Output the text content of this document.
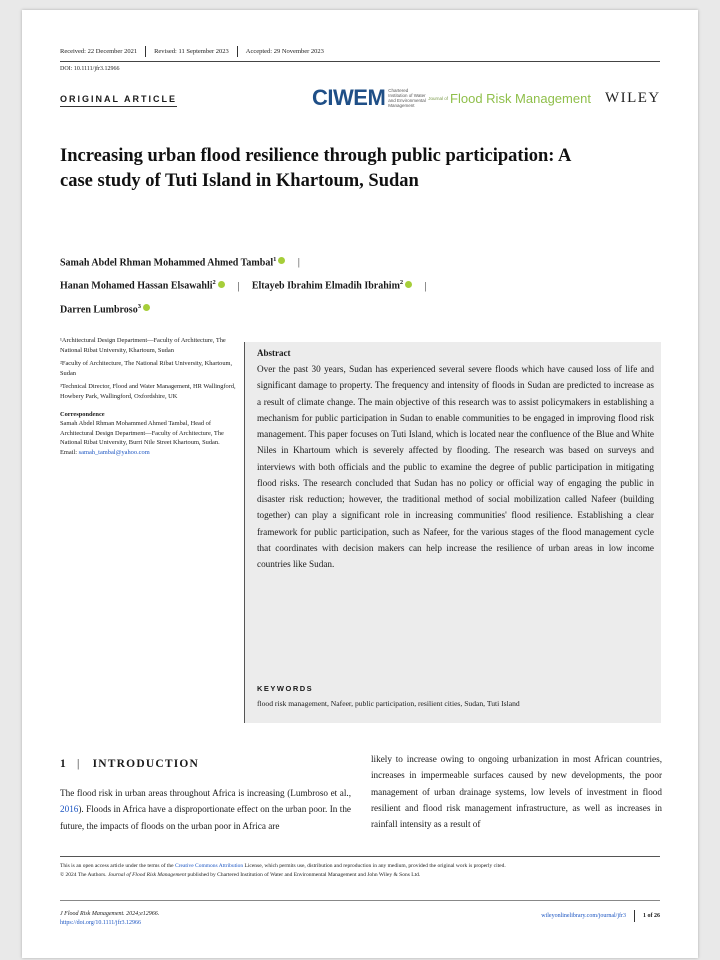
Received: 22 December 2021	Revised: 11 September 2023	Accepted: 29 November 2023
DOI: 10.1111/jfr3.12966
ORIGINAL ARTICLE	CIWEM Chartered Institution of Water and Environmental Management
Journal of Flood Risk Management WILEY
Increasing urban flood resilience through public participation: A case study of Tuti Island in Khartoum, Sudan
Samah Abdel Rhman Mohammed Ahmed Tambal$^1$ |
Hanan Mohamed Hassan Elsawahli$^2$ | Eltayeb Ibrahim Elmadih Ibrahim$^2$ |
Darren Lumbroso$^3$

¹Architectural Design Department—Faculty of Architecture, The National Ribat University, Khartoum, Sudan

²Faculty of Architecture, The National Ribat University, Khartoum, Sudan

³Technical Director, Flood and Water Management, HR Wallingford, Howbery Park, Wallingford, Oxfordshire, UK

Correspondence
Samah Abdel Rhman Mohammed Ahmed Tambal, Head of Architectural Design Department—Faculty of Architecture, The National Ribat University, Burri Nile Street Khartoum, Sudan.
Email: samah_tambal@yahoo.com
Abstract
Over the past 30 years, Sudan has experienced several severe floods which have caused loss of life and significant damage to property. The frequency and intensity of floods in Sudan are predicted to increase as a result of climate change. The main objective of this research was to assist policymakers in establishing a mechanism for public participation in Sudan to enable communities to be engaged in improving flood risk management. This paper focuses on Tuti Island, which is located near the confluence of the Blue and White Niles in Khartoum which is severely affected by flooding. The research was based on surveys and interviews with both officials and the public to examine the degree of public participation in mitigating flood risks. The research concluded that Sudan has no policy or official way of engaging the public in disaster risk reduction; however, the traditional method of social mobilization called Nafeer (building together) can play a significant role in increasing communities' flood resilience. Establishing a clear framework for public participation, such as Nafeer, for the various stages of the flood management cycle that coordinates with decision makers can help increase the resilience of urban areas in low income countries like Sudan.
KEYWORDS
flood risk management, Nafeer, public participation, resilient cities, Sudan, Tuti Island
1 | INTRODUCTION
The flood risk in urban areas throughout Africa is increasing (Lumbroso et al., 2016). Floods in Africa have a disproportionate effect on the urban poor. In the future, the impacts of floods on the urban poor in Africa are
likely to increase owing to ongoing urbanization in most African countries, increases in impermeable surfaces caused by new developments, the poor management of urban drainage systems, low levels of investment in flood resilient and flood risk management infrastructure, as well as increases in rainfall intensity as a result of

This is an open access article under the terms of the Creative Commons Attribution License, which permits use, distribution and reproduction in any medium, provided the original work is properly cited.

© 2024 The Authors. Journal of Flood Risk Management published by Chartered Institution of Water and Environmental Management and John Wiley & Sons Ltd.

J Flood Risk Management. 2024;e12966.
https://doi.org/10.1111/jfr3.12966
wileyonlinelibrary.com/journal/jfr3	1 of 26
